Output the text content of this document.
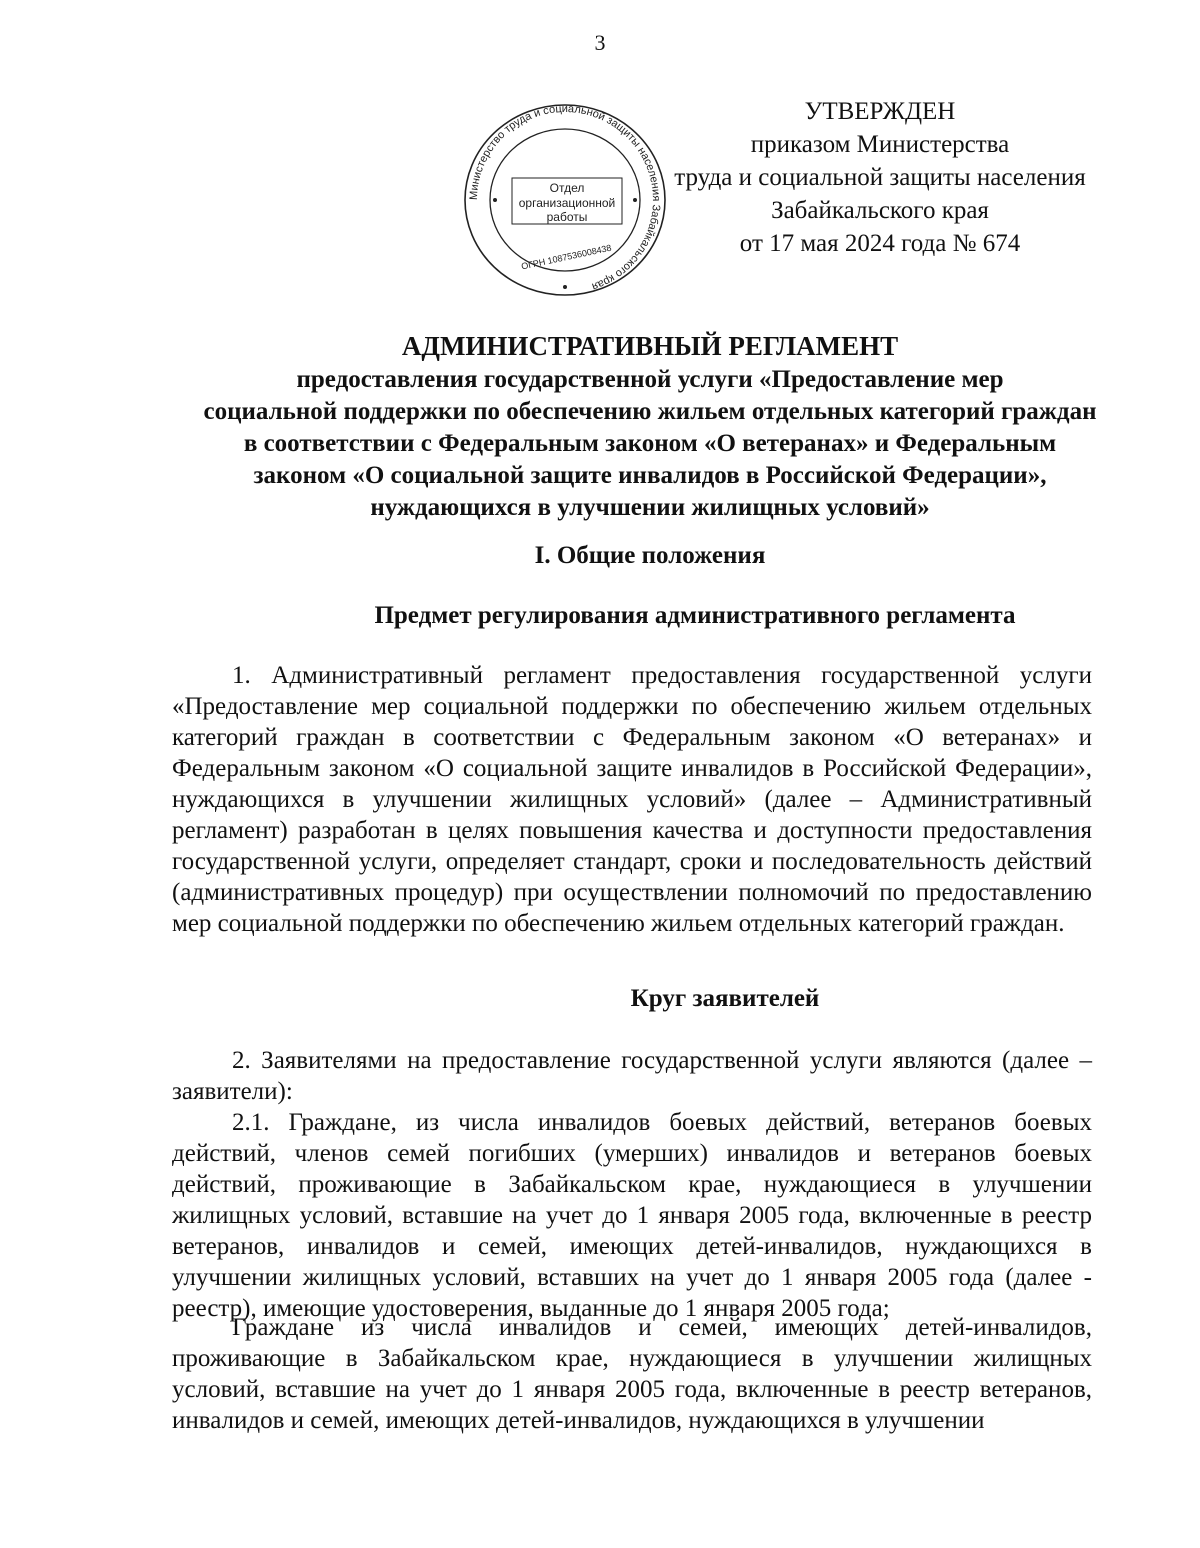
3
Министерство труда и социальной защиты населения Забайкальского края
Отдел
организационной
работы
ОГРН 1087536008438
УТВЕРЖДЕН
приказом Министерства
труда и социальной защиты населения
Забайкальского края
от 17 мая 2024 года № 674
АДМИНИСТРАТИВНЫЙ РЕГЛАМЕНТ
предоставления государственной услуги «Предоставление мер
социальной поддержки по обеспечению жильем отдельных категорий граждан
в соответствии с Федеральным законом «О ветеранах» и Федеральным
законом «О социальной защите инвалидов в Российской Федерации»,
нуждающихся в улучшении жилищных условий»
I. Общие положения
Предмет регулирования административного регламента
1. Административный регламент предоставления государственной услуги «Предоставление мер социальной поддержки по обеспечению жильем отдельных категорий граждан в соответствии с Федеральным законом «О ветеранах» и Федеральным законом «О социальной защите инвалидов в Российской Федерации», нуждающихся в улучшении жилищных условий» (далее – Административный регламент) разработан в целях повышения качества и доступности предоставления государственной услуги, определяет стандарт, сроки и последовательность действий (административных процедур) при осуществлении полномочий по предоставлению мер социальной поддержки по обеспечению жильем отдельных категорий граждан.
Круг заявителей
2. Заявителями на предоставление государственной услуги являются (далее – заявители):
2.1. Граждане, из числа инвалидов боевых действий, ветеранов боевых действий, членов семей погибших (умерших) инвалидов и ветеранов боевых действий, проживающие в Забайкальском крае, нуждающиеся в улучшении жилищных условий, вставшие на учет до 1 января 2005 года, включенные в реестр ветеранов, инвалидов и семей, имеющих детей-инвалидов, нуждающихся в улучшении жилищных условий, вставших на учет до 1 января 2005 года (далее - реестр), имеющие удостоверения, выданные до 1 января 2005 года;
Граждане из числа инвалидов и семей, имеющих детей-инвалидов, проживающие в Забайкальском крае, нуждающиеся в улучшении жилищных условий, вставшие на учет до 1 января 2005 года, включенные в реестр ветеранов, инвалидов и семей, имеющих детей-инвалидов, нуждающихся в улучшении
